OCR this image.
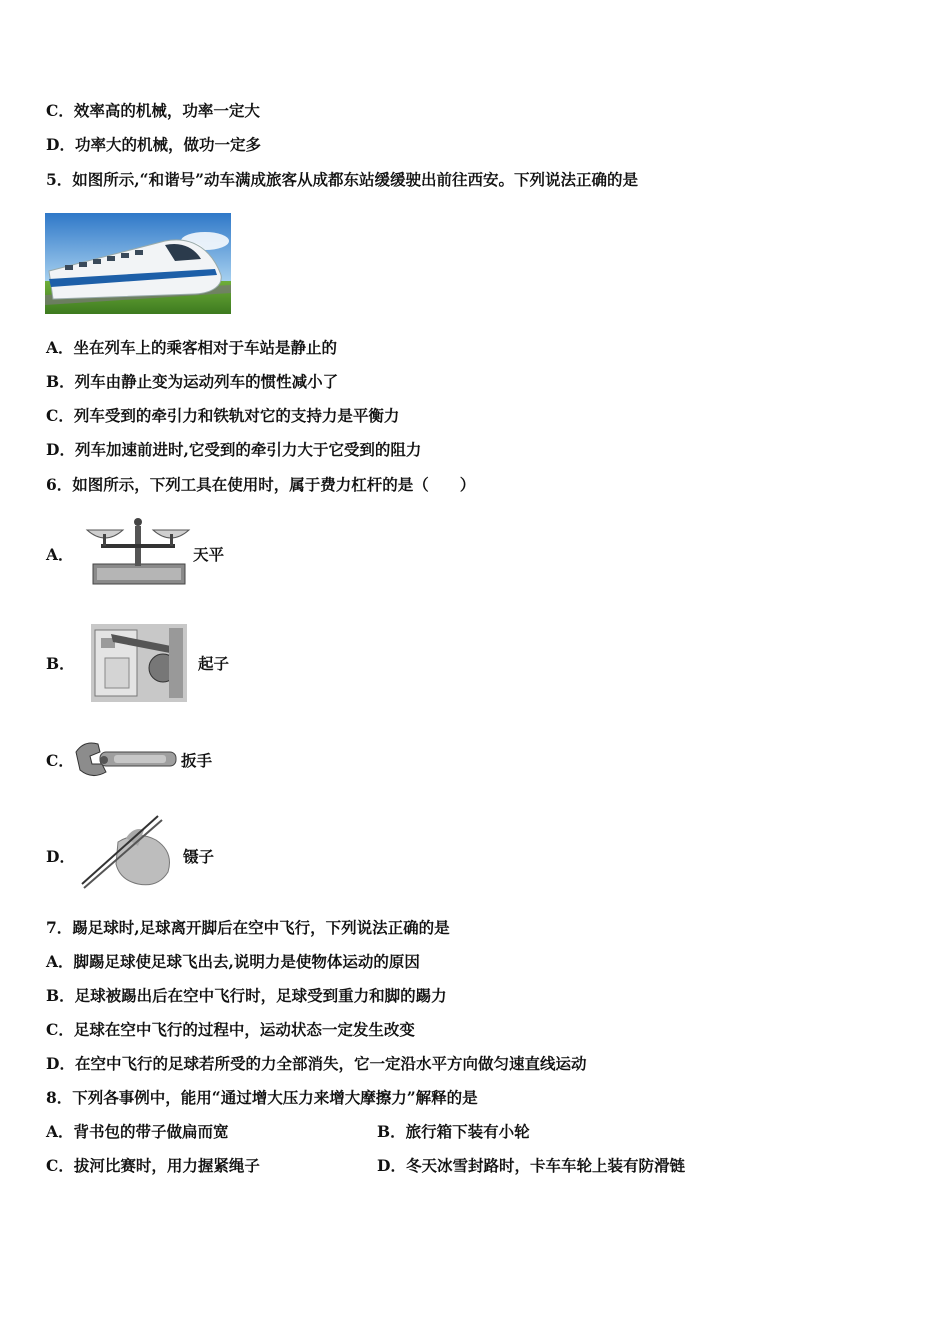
C．效率高的机械，功率一定大
D．功率大的机械，做功一定多
5．如图所示,“和谐号”动车满成旅客从成都东站缓缓驶出前往西安。下列说法正确的是
A．坐在列车上的乘客相对于车站是静止的
B．列车由静止变为运动列车的惯性减小了
C．列车受到的牵引力和铁轨对它的支持力是平衡力
D．列车加速前进时,它受到的牵引力大于它受到的阻力
6．如图所示，下列工具在使用时，属于费力杠杆的是（　　）
A．	天平
B．	起子
C．	扳手
D．	镊子
7．踢足球时,足球离开脚后在空中飞行，下列说法正确的是
A．脚踢足球使足球飞出去,说明力是使物体运动的原因
B．足球被踢出后在空中飞行时，足球受到重力和脚的踢力
C．足球在空中飞行的过程中，运动状态一定发生改变
D．在空中飞行的足球若所受的力全部消失，它一定沿水平方向做匀速直线运动
8．下列各事例中，能用“通过增大压力来增大摩擦力”解释的是
A．背书包的带子做扁而宽	B．旅行箱下装有小轮
C．拔河比赛时，用力握紧绳子	D．冬天冰雪封路时，卡车车轮上装有防滑链
